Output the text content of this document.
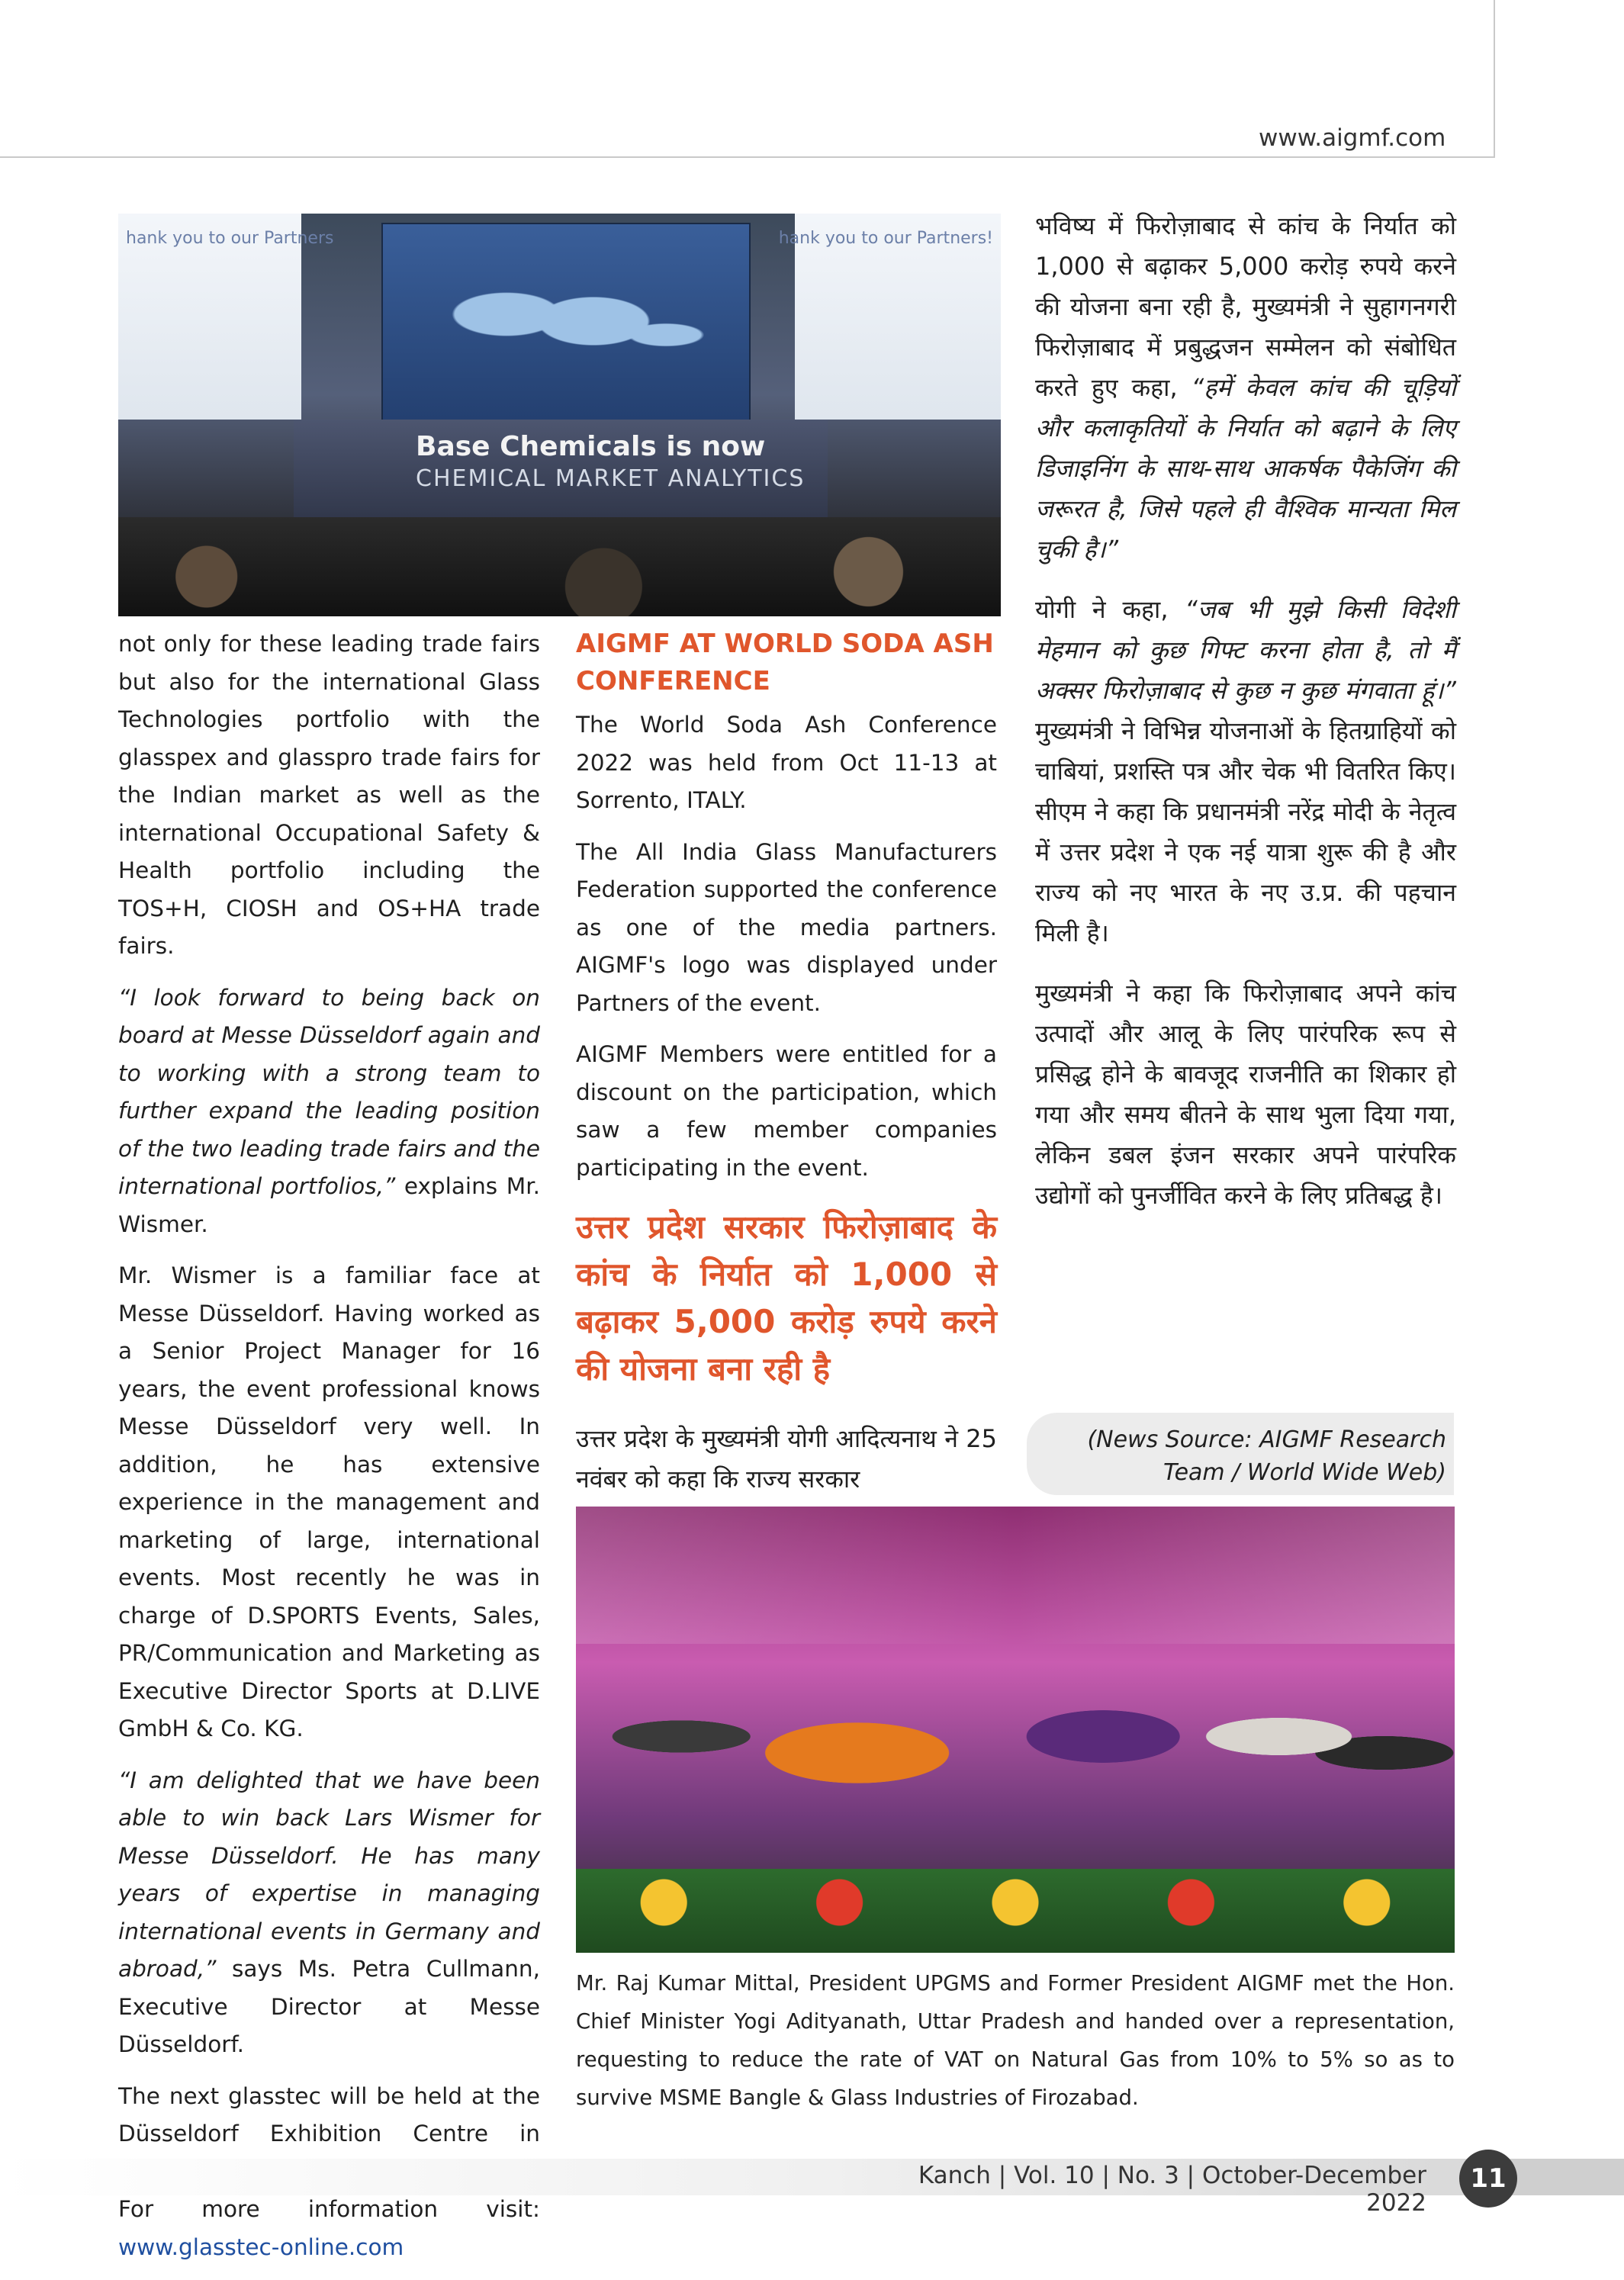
www.aigmf.com
hank you to our Partners	hank you to our Partners!
Base Chemicals is now
CHEMICAL MARKET ANALYTICS

not only for these leading trade fairs but also for the international Glass Technologies portfolio with the glasspex and glasspro trade fairs for the Indian market as well as the international Occupational Safety & Health portfolio including the TOS+H, CIOSH and OS+HA trade fairs.

“I look forward to being back on board at Messe Düsseldorf again and to working with a strong team to further expand the leading position of the two leading trade fairs and the international portfolios,” explains Mr. Wismer.

Mr. Wismer is a familiar face at Messe Düsseldorf. Having worked as a Senior Project Manager for 16 years, the event professional knows Messe Düsseldorf very well. In addition, he has extensive experience in the management and marketing of large, international events. Most recently he was in charge of D.SPORTS Events, Sales, PR/Communication and Marketing as Executive Director Sports at D.LIVE GmbH & Co. KG.

“I am delighted that we have been able to win back Lars Wismer for Messe Düsseldorf. He has many years of expertise in managing international events in Germany and abroad,” says Ms. Petra Cullmann, Executive Director at Messe Düsseldorf.

The next glasstec will be held at the Düsseldorf Exhibition Centre in For more information visit: www.glasstec-online.com

AIGMF AT WORLD SODA ASH CONFERENCE

The World Soda Ash Conference 2022 was held from Oct 11-13 at Sorrento, ITALY.

The All India Glass Manufacturers Federation supported the conference as one of the media partners. AIGMF's logo was displayed under Partners of the event.

AIGMF Members were entitled for a discount on the participation, which saw a few member companies participating in the event.

उत्तर प्रदेश सरकार फिरोज़ाबाद के कांच के निर्यात को 1,000 से बढ़ाकर 5,000 करोड़ रुपये करने की योजना बना रही है

उत्तर प्रदेश के मुख्यमंत्री योगी आदित्यनाथ ने 25 नवंबर को कहा कि राज्य सरकार

भविष्य में फिरोज़ाबाद से कांच के निर्यात को 1,000 से बढ़ाकर 5,000 करोड़ रुपये करने की योजना बना रही है, मुख्यमंत्री ने सुहागनगरी फिरोज़ाबाद में प्रबुद्धजन सम्मेलन को संबोधित करते हुए कहा, “हमें केवल कांच की चूड़ियों और कलाकृतियों के निर्यात को बढ़ाने के लिए डिजाइनिंग के साथ-साथ आकर्षक पैकेजिंग की जरूरत है, जिसे पहले ही वैश्विक मान्यता मिल चुकी है।”

योगी ने कहा, “जब भी मुझे किसी विदेशी मेहमान को कुछ गिफ्ट करना होता है, तो मैं अक्सर फिरोज़ाबाद से कुछ न कुछ मंगवाता हूं।” मुख्यमंत्री ने विभिन्न योजनाओं के हितग्राहियों को चाबियां, प्रशस्ति पत्र और चेक भी वितरित किए। सीएम ने कहा कि प्रधानमंत्री नरेंद्र मोदी के नेतृत्व में उत्तर प्रदेश ने एक नई यात्रा शुरू की है और राज्य को नए भारत के नए उ.प्र. की पहचान मिली है।

मुख्यमंत्री ने कहा कि फिरोज़ाबाद अपने कांच उत्पादों और आलू के लिए पारंपरिक रूप से प्रसिद्ध होने के बावजूद राजनीति का शिकार हो गया और समय बीतने के साथ भुला दिया गया, लेकिन डबल इंजन सरकार अपने पारंपरिक उद्योगों को पुनर्जीवित करने के लिए प्रतिबद्ध है।

(News Source: AIGMF Research Team / World Wide Web)
Mr. Raj Kumar Mittal, President UPGMS and Former President AIGMF met the Hon. Chief Minister Yogi Adityanath, Uttar Pradesh and handed over a representation, requesting to reduce the rate of VAT on Natural Gas from 10% to 5% so as to survive MSME Bangle & Glass Industries of Firozabad.
Kanch | Vol. 10 | No. 3 | October-December 2022
11
